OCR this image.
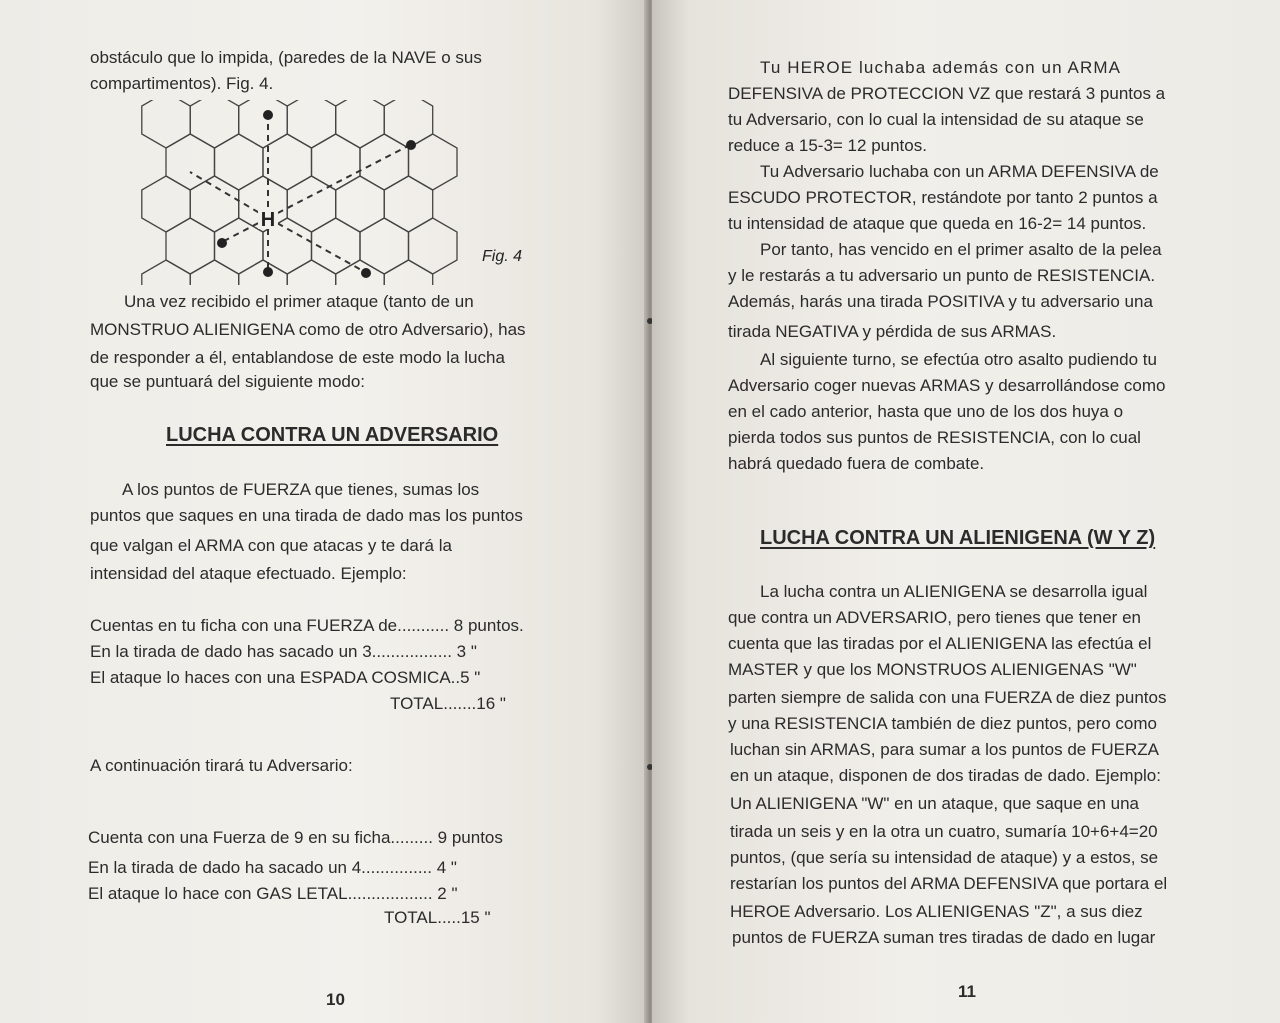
obstáculo que lo impida, (paredes de la NAVE o sus

compartimentos). Fig. 4.

H
Fig. 4

Una vez recibido el primer ataque (tanto de un

MONSTRUO ALIENIGENA como de otro Adversario), has

de responder a él, entablandose de este modo la lucha

que se puntuará del siguiente modo:

LUCHA CONTRA UN ADVERSARIO

A los puntos de FUERZA que tienes, sumas los

puntos que saques en una tirada de dado mas los puntos

que valgan el ARMA con que atacas y te dará la

intensidad del ataque efectuado. Ejemplo:

Cuentas en tu ficha con una FUERZA de........... 8 puntos.

En la tirada de dado has sacado un 3................. 3 "

El ataque lo haces con una ESPADA COSMICA..5 "

TOTAL.......16 "

A continuación tirará tu Adversario:

Cuenta con una Fuerza de 9 en su ficha......... 9 puntos

En la tirada de dado ha sacado un 4............... 4 "

El ataque lo hace con GAS LETAL.................. 2 "

TOTAL.....15 "

10

Tu HEROE luchaba además con un ARMA

DEFENSIVA de PROTECCION VZ que restará 3 puntos a

tu Adversario, con lo cual la intensidad de su ataque se

reduce a 15-3= 12 puntos.

Tu Adversario luchaba con un ARMA DEFENSIVA de

ESCUDO PROTECTOR, restándote por tanto 2 puntos a

tu intensidad de ataque que queda en 16-2= 14 puntos.

Por tanto, has vencido en el primer asalto de la pelea

y le restarás a tu adversario un punto de RESISTENCIA.

Además, harás una tirada POSITIVA y tu adversario una

tirada NEGATIVA y pérdida de sus ARMAS.

Al siguiente turno, se efectúa otro asalto pudiendo tu

Adversario coger nuevas ARMAS y desarrollándose como

en el cado anterior, hasta que uno de los dos huya o

pierda todos sus puntos de RESISTENCIA, con lo cual

habrá quedado fuera de combate.

LUCHA CONTRA UN ALIENIGENA (W Y Z)

La lucha contra un ALIENIGENA se desarrolla igual

que contra un ADVERSARIO, pero tienes que tener en

cuenta que las tiradas por el ALIENIGENA las efectúa el

MASTER y que los MONSTRUOS ALIENIGENAS "W"

parten siempre de salida con una FUERZA de diez puntos

y una RESISTENCIA también de diez puntos, pero como

luchan sin ARMAS, para sumar a los puntos de FUERZA

en un ataque, disponen de dos tiradas de dado. Ejemplo:

Un ALIENIGENA "W" en un ataque, que saque en una

tirada un seis y en la otra un cuatro, sumaría 10+6+4=20

puntos, (que sería su intensidad de ataque) y a estos, se

restarían los puntos del ARMA DEFENSIVA que portara el

HEROE Adversario. Los ALIENIGENAS "Z", a sus diez

puntos de FUERZA suman tres tiradas de dado en lugar

11
